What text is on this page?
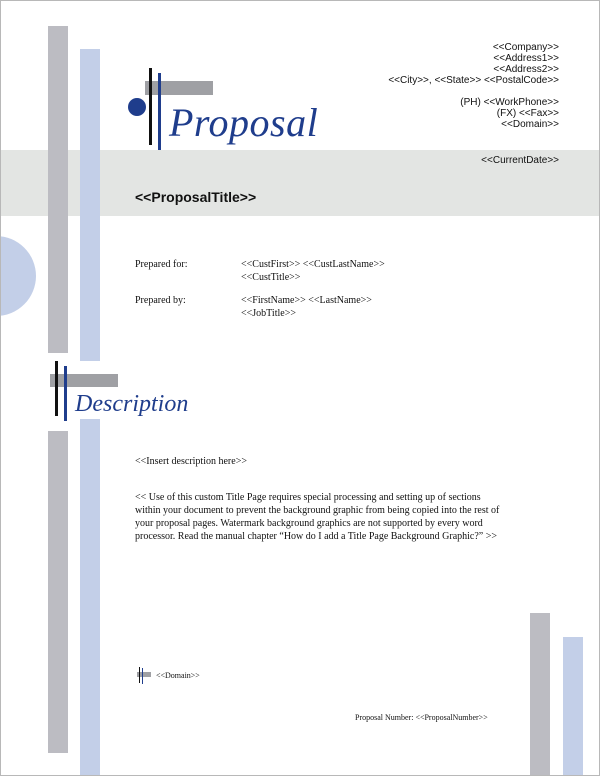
Proposal
<<Company>>
<<Address1>>
<<Address2>>
<<City>>, <<State>> <<PostalCode>>
(PH) <<WorkPhone>>
(FX) <<Fax>>
<<Domain>>
<<CurrentDate>>
<<ProposalTitle>>
Prepared for:	<<CustFirst>> <<CustLastName>>
<<CustTitle>>
Prepared by:	<<FirstName>> <<LastName>>
<<JobTitle>>
Description
<<Insert description here>>
<< Use of this custom Title Page requires special processing and setting up of sections within your document to prevent the background graphic from being copied into the rest of your proposal pages. Watermark background graphics are not supported by every word processor. Read the manual chapter “How do I add a Title Page Background Graphic?” >>
<<Domain>>
Proposal Number: <<ProposalNumber>>
